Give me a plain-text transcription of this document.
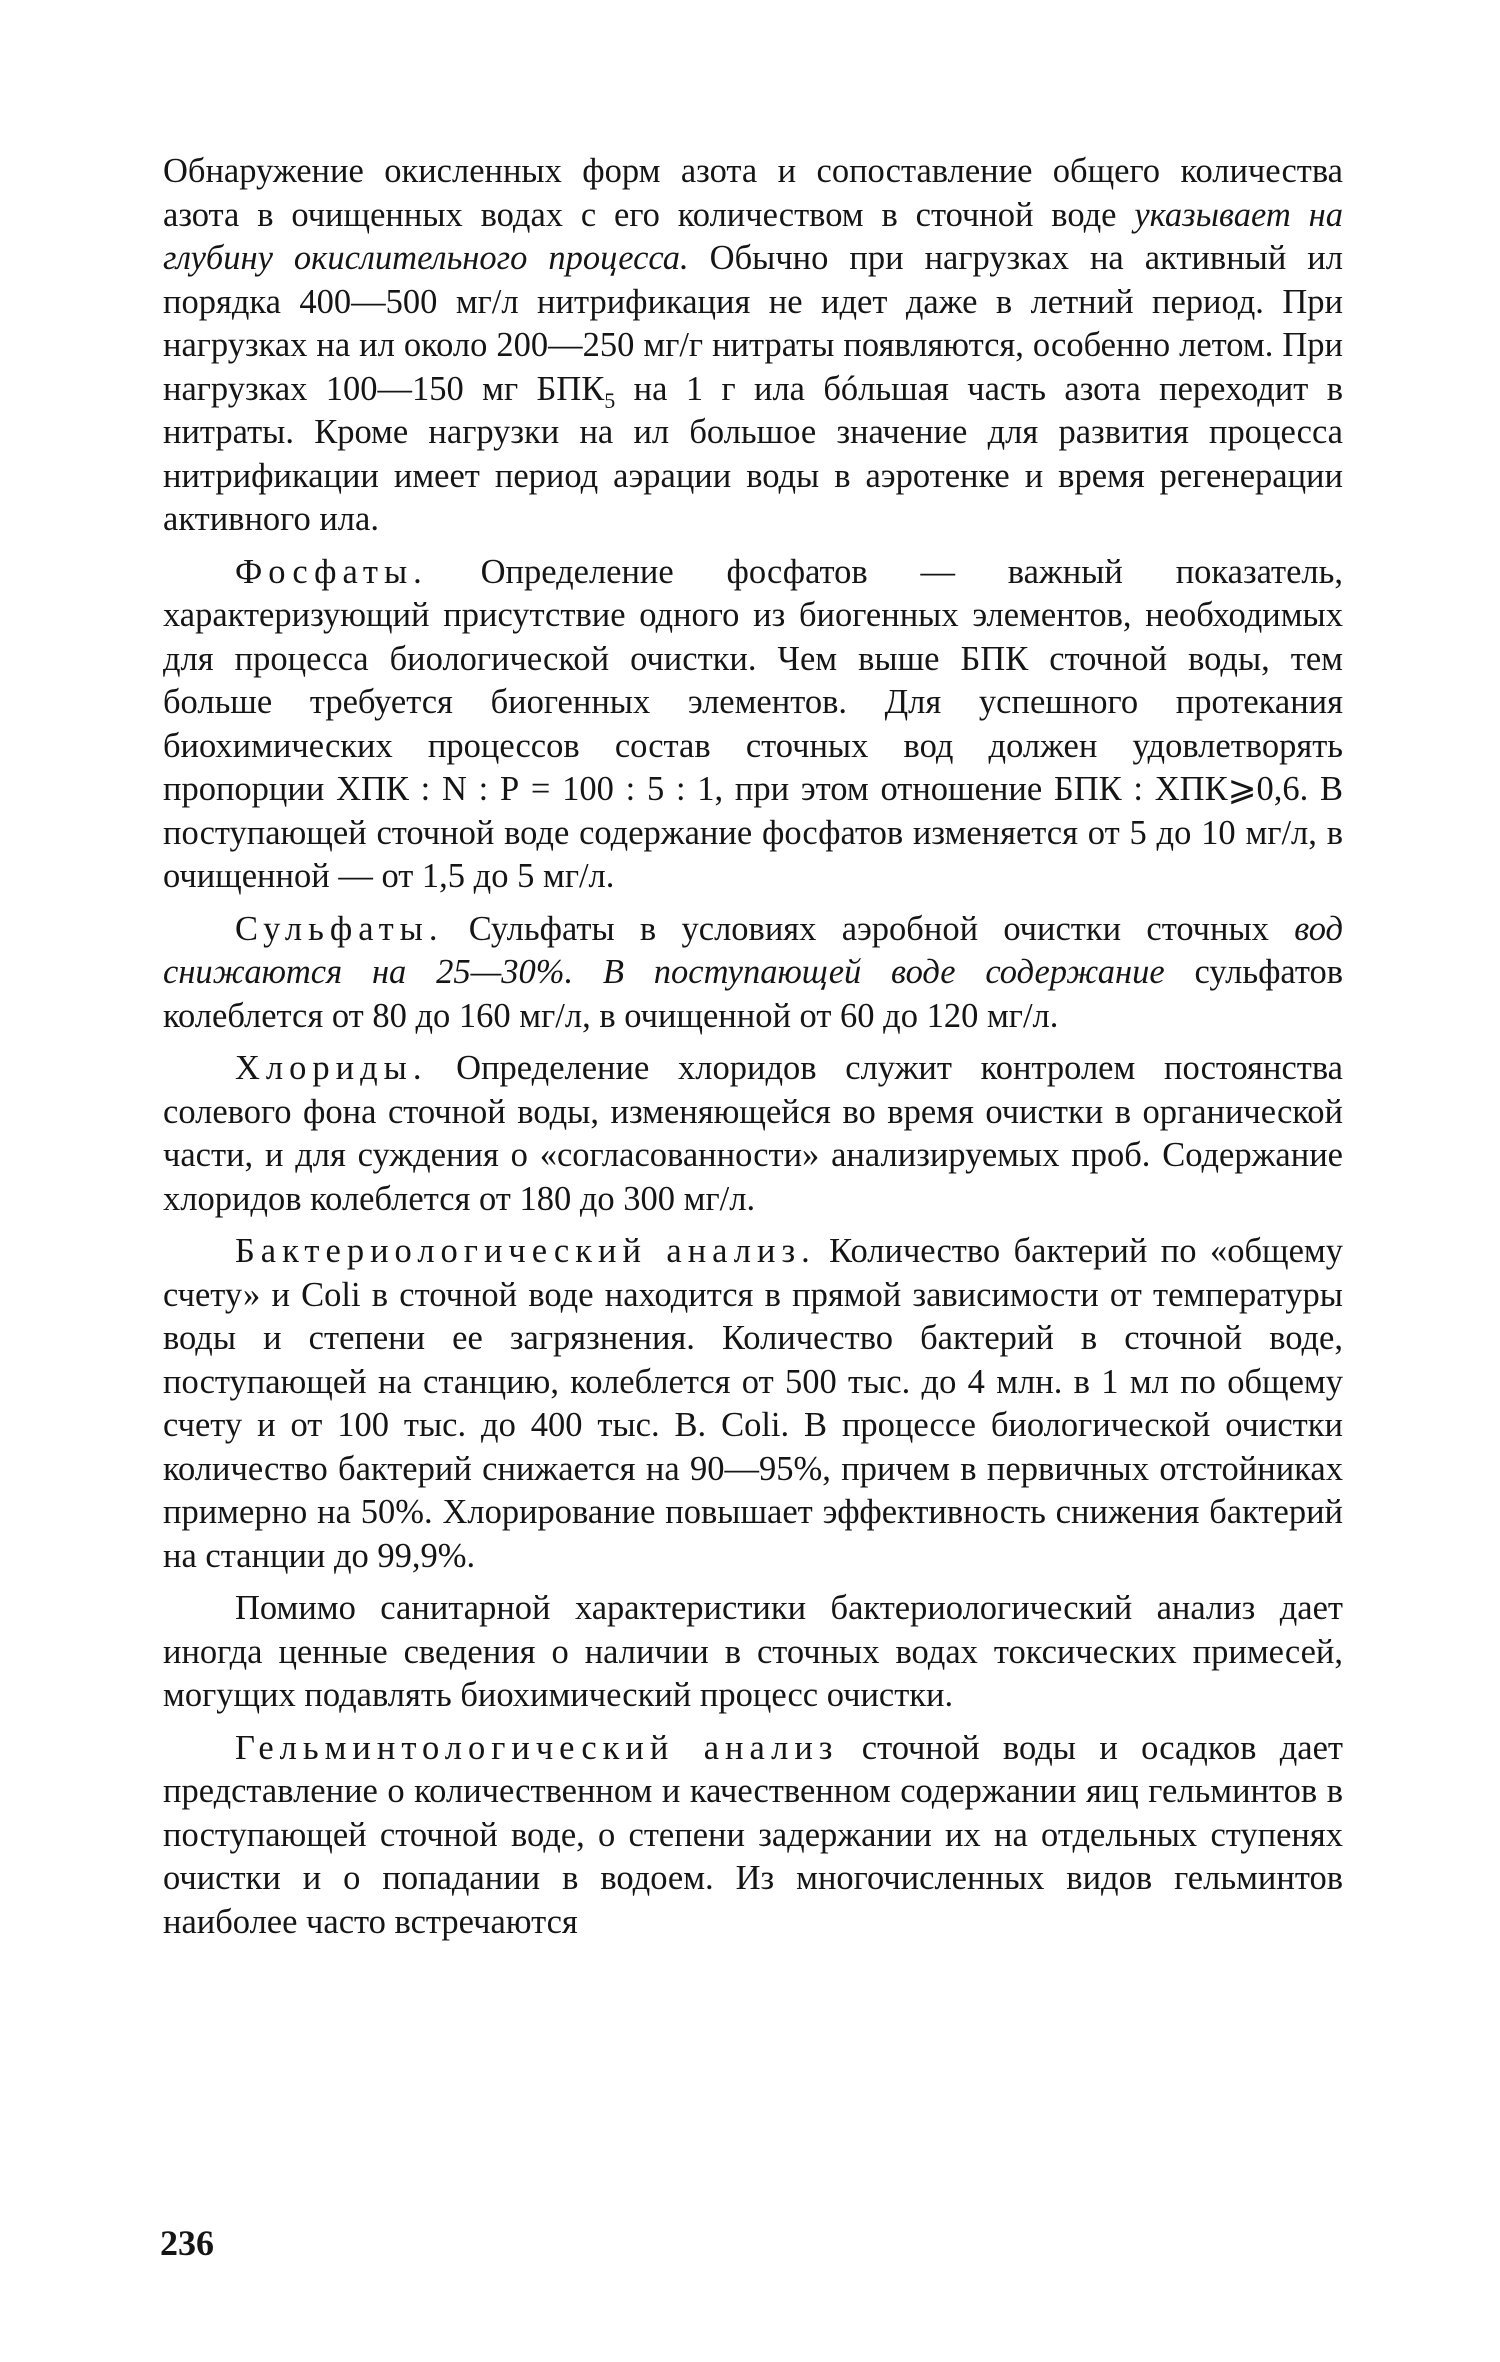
Обнаружение окисленных форм азота и сопоставление общего количества азота в очищенных водах с его количеством в сточной воде указывает на глубину окислительного процесса. Обычно при нагрузках на активный ил порядка 400—500 мг/л нитрификация не идет даже в летний период. При нагрузках на ил около 200—250 мг/г нитраты появляются, особенно летом. При нагрузках 100—150 мг $БПК_5$ на 1 г ила бóльшая часть азота переходит в нитраты. Кроме нагрузки на ил большое значение для развития процесса нитрификации имеет период аэрации воды в аэротенке и время регенерации активного ила.

Фосфаты. Определение фосфатов — важный показатель, характеризующий присутствие одного из биогенных элементов, необходимых для процесса биологической очистки. Чем выше БПК сточной воды, тем больше требуется биогенных элементов. Для успешного протекания биохимических процессов состав сточных вод должен удовлетворять пропорции ХПК : N : Р = 100 : 5 : 1, при этом отношение БПК : ХПК⩾0,6. В поступающей сточной воде содержание фосфатов изменяется от 5 до 10 мг/л, в очищенной — от 1,5 до 5 мг/л.

Сульфаты. Сульфаты в условиях аэробной очистки сточных вод снижаются на 25—30%. В поступающей воде содержание сульфатов колеблется от 80 до 160 мг/л, в очищенной от 60 до 120 мг/л.

Хлориды. Определение хлоридов служит контролем постоянства солевого фона сточной воды, изменяющейся во время очистки в органической части, и для суждения о «согласованности» анализируемых проб. Содержание хлоридов колеблется от 180 до 300 мг/л.

Бактериологический анализ. Количество бактерий по «общему счету» и Coli в сточной воде находится в прямой зависимости от температуры воды и степени ее загрязнения. Количество бактерий в сточной воде, поступающей на станцию, колеблется от 500 тыс. до 4 млн. в 1 мл по общему счету и от 100 тыс. до 400 тыс. B. Coli. В процессе биологической очистки количество бактерий снижается на 90—95%, причем в первичных отстойниках примерно на 50%. Хлорирование повышает эффективность снижения бактерий на станции до 99,9%.

Помимо санитарной характеристики бактериологический анализ дает иногда ценные сведения о наличии в сточных водах токсических примесей, могущих подавлять биохимический процесс очистки.

Гельминтологический анализ сточной воды и осадков дает представление о количественном и качественном содержании яиц гельминтов в поступающей сточной воде, о степени задержании их на отдельных ступенях очистки и о попадании в водоем. Из многочисленных видов гельминтов наиболее часто встречаются

236
